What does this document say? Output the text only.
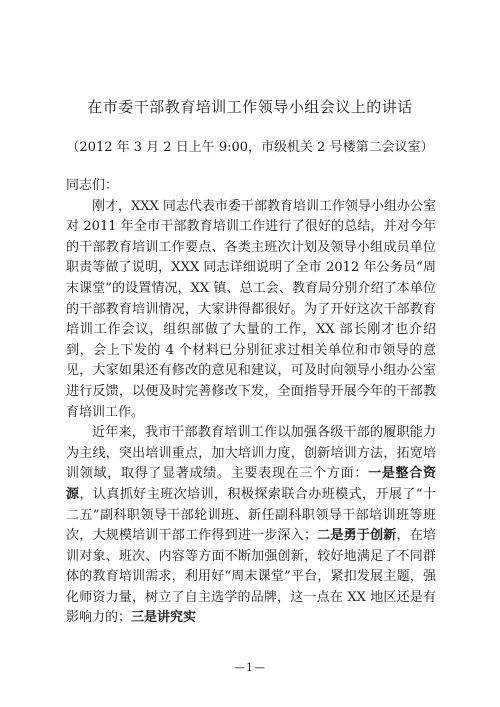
在市委干部教育培训工作领导小组会议上的讲话
（2012 年 3 月 2 日上午 9:00，市级机关 2 号楼第二会议室）

同志们：

刚才，XXX 同志代表市委干部教育培训工作领导小组办公室对 2011 年全市干部教育培训工作进行了很好的总结，并对今年的干部教育培训工作要点、各类主班次计划及领导小组成员单位职责等做了说明，XXX 同志详细说明了全市 2012 年公务员“周末课堂”的设置情况，XX 镇、总工会、教育局分别介绍了本单位的干部教育培训情况，大家讲得都很好。为了开好这次干部教育培训工作会议，组织部做了大量的工作，XX 部长刚才也介绍到，会上下发的 4 个材料已分别征求过相关单位和市领导的意见，大家如果还有修改的意见和建议，可及时向领导小组办公室进行反馈，以便及时完善修改下发，全面指导开展今年的干部教育培训工作。

近年来，我市干部教育培训工作以加强各级干部的履职能力为主线，突出培训重点，加大培训力度，创新培训方法，拓宽培训领域，取得了显著成绩。主要表现在三个方面：一是整合资源，认真抓好主班次培训，积极探索联合办班模式，开展了“十二五”副科职领导干部轮训班、新任副科职领导干部培训班等班次，大规模培训干部工作得到进一步深入；二是勇于创新，在培训对象、班次、内容等方面不断加强创新，较好地满足了不同群体的教育培训需求，利用好“周末课堂”平台，紧扣发展主题，强化师资力量，树立了自主选学的品牌，这一点在 XX 地区还是有影响力的；三是讲究实

—1—
